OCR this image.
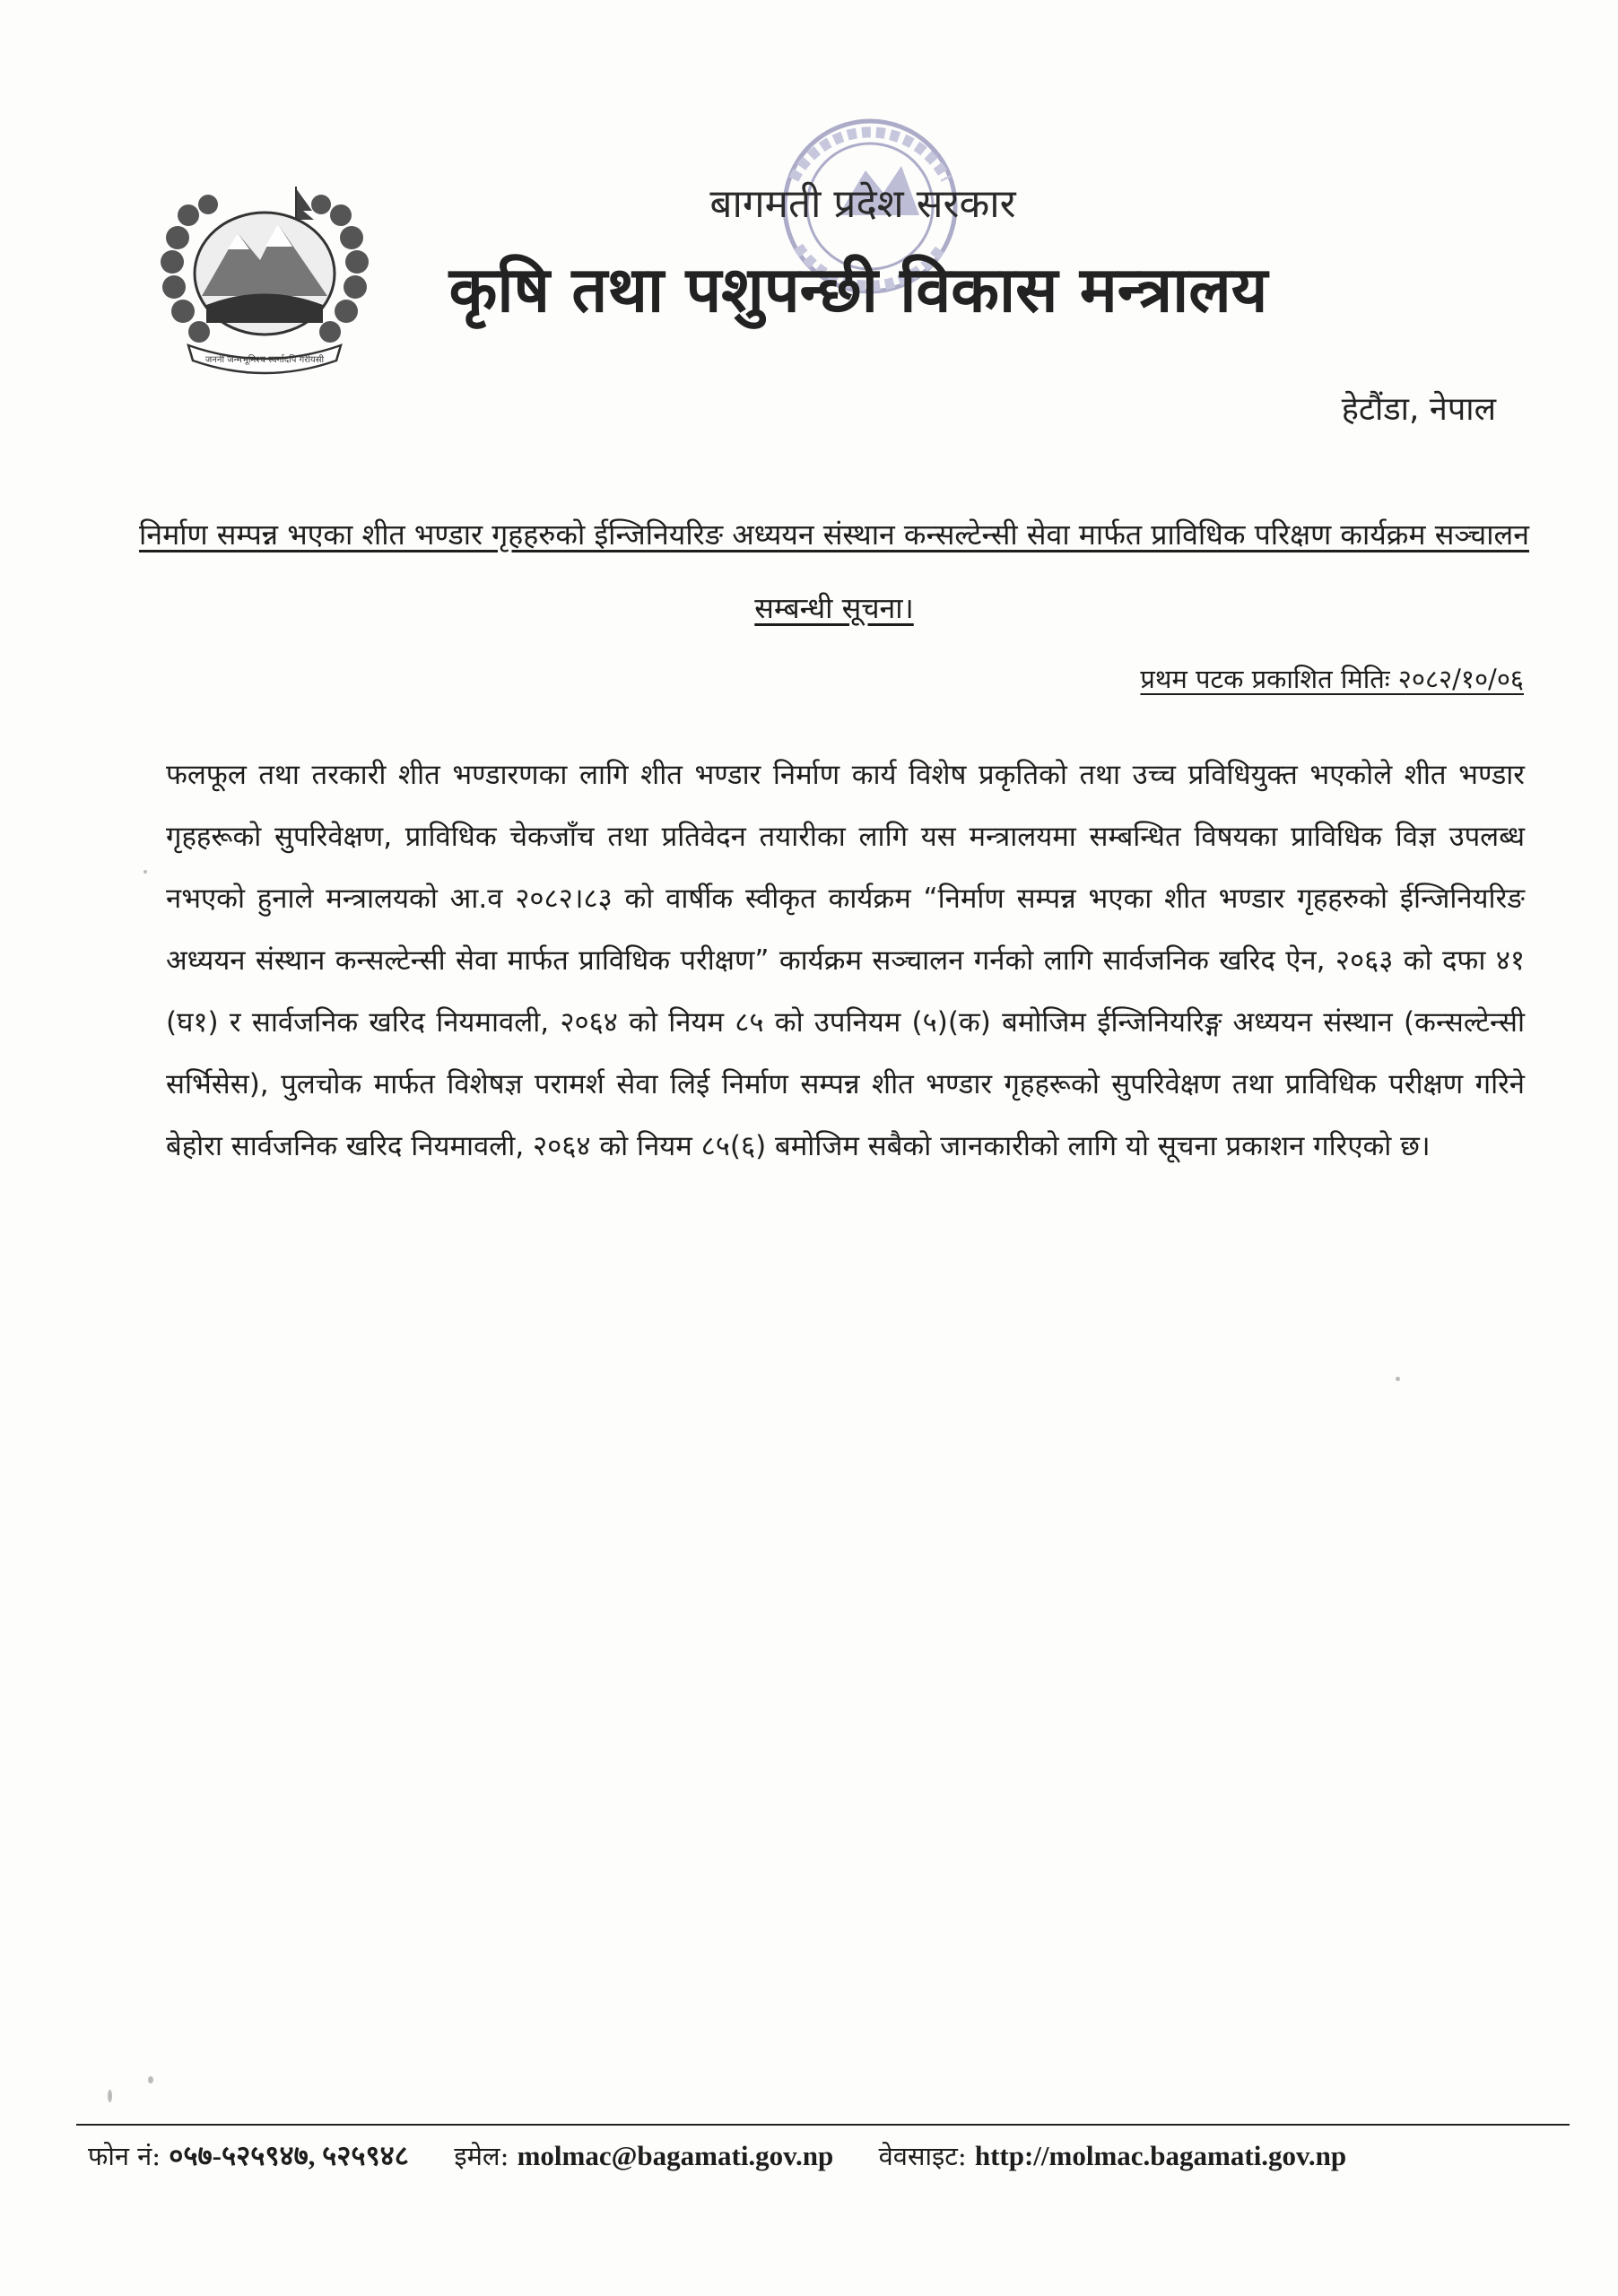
जननी जन्मभूमिश्च स्वर्गादपि गरीयसी
बागमती प्रदेश सरकार
कृषि तथा पशुपन्छी विकास मन्त्रालय
हेटौंडा, नेपाल
निर्माण सम्पन्न भएका शीत भण्डार गृहहरुको ईन्जिनियरिङ अध्ययन संस्थान कन्सल्टेन्सी सेवा मार्फत प्राविधिक परिक्षण कार्यक्रम सञ्चालन सम्बन्धी सूचना।
प्रथम पटक प्रकाशित मितिः २०८२/१०/०६
फलफूल तथा तरकारी शीत भण्डारणका लागि शीत भण्डार निर्माण कार्य विशेष प्रकृतिको तथा उच्च प्रविधियुक्त भएकोले शीत भण्डार गृहहरूको सुपरिवेक्षण, प्राविधिक चेकजाँच तथा प्रतिवेदन तयारीका लागि यस मन्त्रालयमा सम्बन्धित विषयका प्राविधिक विज्ञ उपलब्ध नभएको हुनाले मन्त्रालयको आ.व २०८२।८३ को वार्षीक स्वीकृत कार्यक्रम “निर्माण सम्पन्न भएका शीत भण्डार गृहहरुको ईन्जिनियरिङ अध्ययन संस्थान कन्सल्टेन्सी सेवा मार्फत प्राविधिक परीक्षण” कार्यक्रम सञ्चालन गर्नको लागि सार्वजनिक खरिद ऐन, २०६३ को दफा ४१ (घ१) र सार्वजनिक खरिद नियमावली, २०६४ को नियम ८५ को उपनियम (५)(क) बमोजिम ईन्जिनियरिङ्ग अध्ययन संस्थान (कन्सल्टेन्सी सर्भिसेस), पुलचोक मार्फत विशेषज्ञ परामर्श सेवा लिई निर्माण सम्पन्न शीत भण्डार गृहहरूको सुपरिवेक्षण तथा प्राविधिक परीक्षण गरिने बेहोरा सार्वजनिक खरिद नियमावली, २०६४ को नियम ८५(६) बमोजिम सबैको जानकारीको लागि यो सूचना प्रकाशन गरिएको छ।
फोन नं: ०५७-५२५९४७, ५२५९४८ इमेल: molmac@bagamati.gov.np वेवसाइट: http://molmac.bagamati.gov.np
